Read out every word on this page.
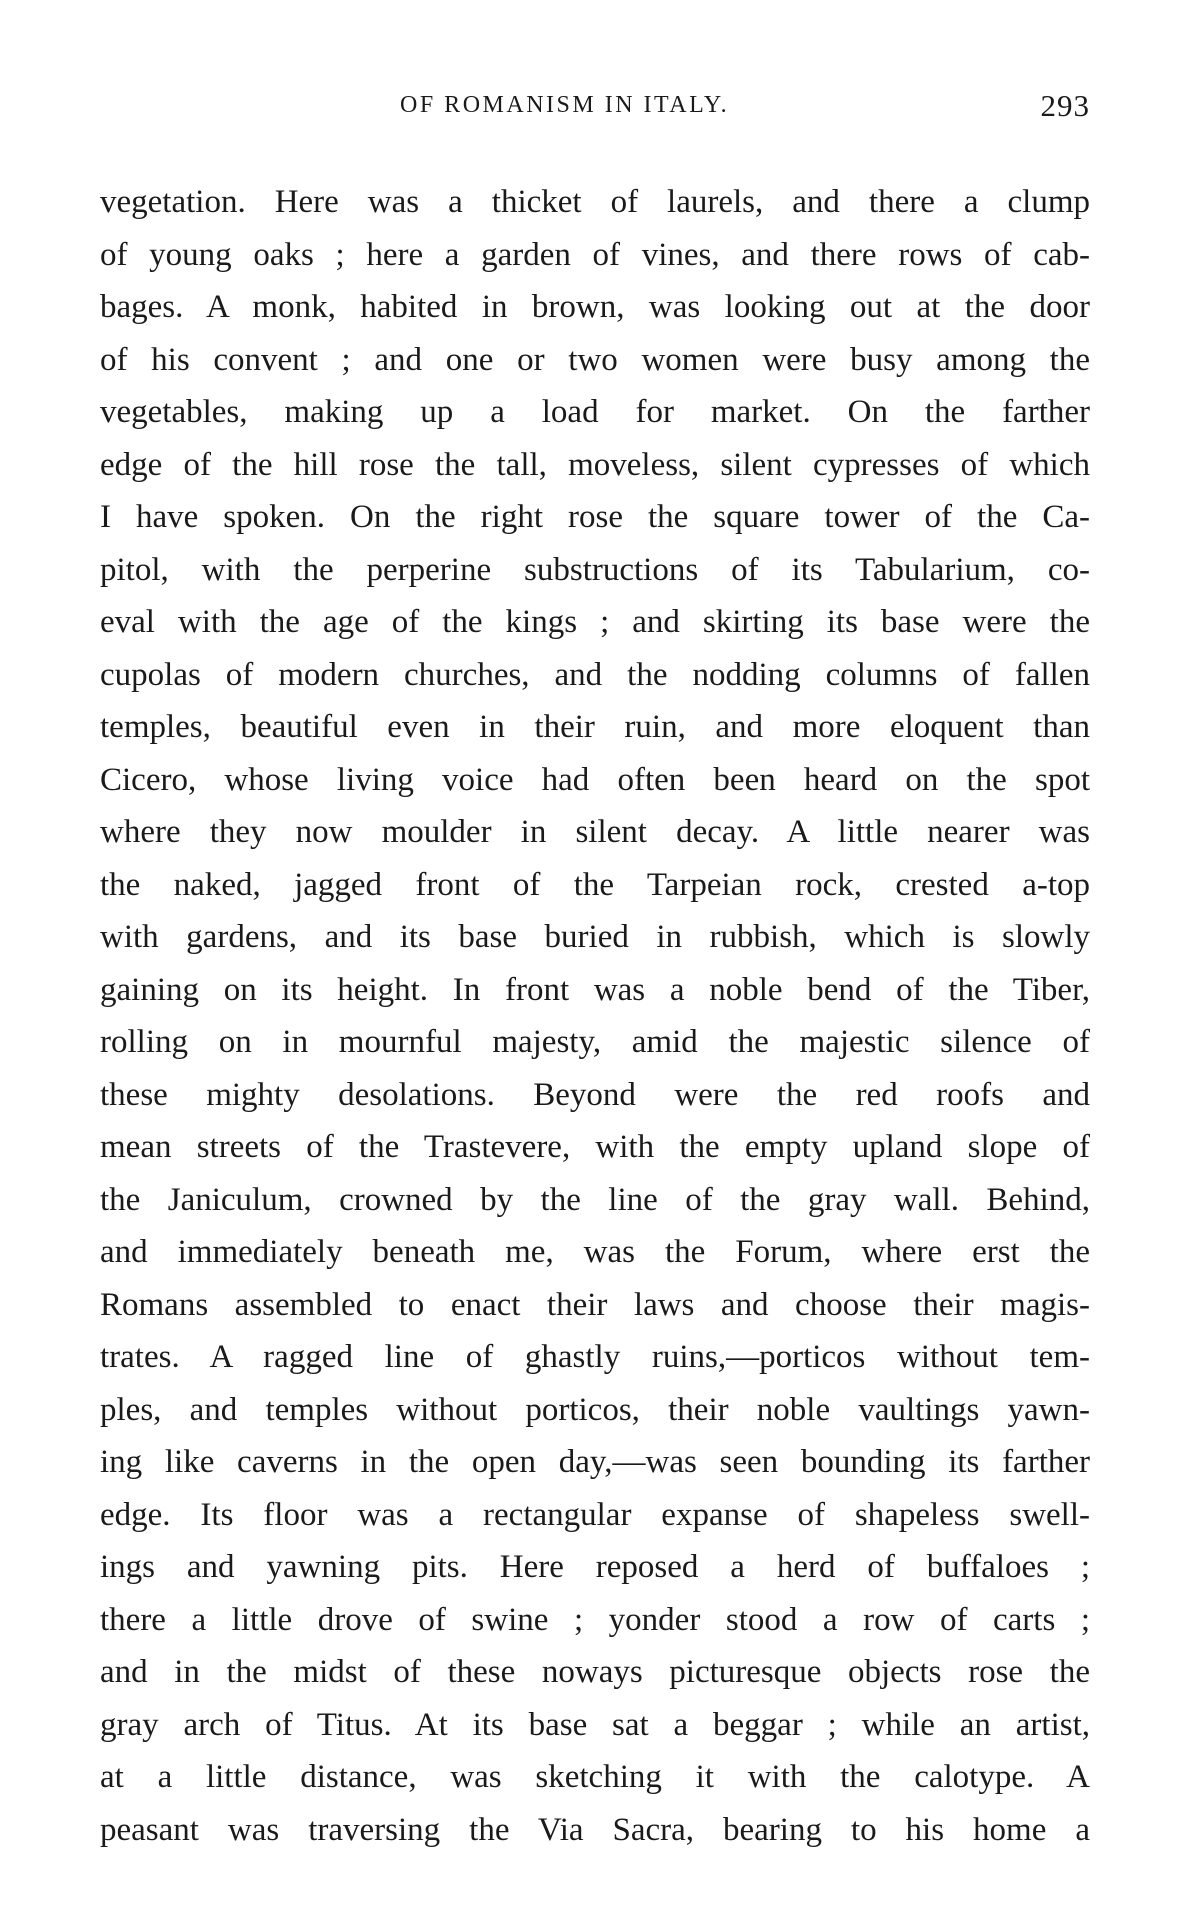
OF ROMANISM IN ITALY.	293
vegetation. Here was a thicket of laurels, and there a clump
of young oaks ; here a garden of vines, and there rows of cab-
bages. A monk, habited in brown, was looking out at the door
of his convent ; and one or two women were busy among the
vegetables, making up a load for market. On the farther
edge of the hill rose the tall, moveless, silent cypresses of which
I have spoken. On the right rose the square tower of the Ca-
pitol, with the perperine substructions of its Tabularium, co-
eval with the age of the kings ; and skirting its base were the
cupolas of modern churches, and the nodding columns of fallen
temples, beautiful even in their ruin, and more eloquent than
Cicero, whose living voice had often been heard on the spot
where they now moulder in silent decay. A little nearer was
the naked, jagged front of the Tarpeian rock, crested a-top
with gardens, and its base buried in rubbish, which is slowly
gaining on its height. In front was a noble bend of the Tiber,
rolling on in mournful majesty, amid the majestic silence of
these mighty desolations. Beyond were the red roofs and
mean streets of the Trastevere, with the empty upland slope of
the Janiculum, crowned by the line of the gray wall. Behind,
and immediately beneath me, was the Forum, where erst the
Romans assembled to enact their laws and choose their magis-
trates. A ragged line of ghastly ruins,—porticos without tem-
ples, and temples without porticos, their noble vaultings yawn-
ing like caverns in the open day,—was seen bounding its farther
edge. Its floor was a rectangular expanse of shapeless swell-
ings and yawning pits. Here reposed a herd of buffaloes ;
there a little drove of swine ; yonder stood a row of carts ;
and in the midst of these noways picturesque objects rose the
gray arch of Titus. At its base sat a beggar ; while an artist,
at a little distance, was sketching it with the calotype. A
peasant was traversing the Via Sacra, bearing to his home a
